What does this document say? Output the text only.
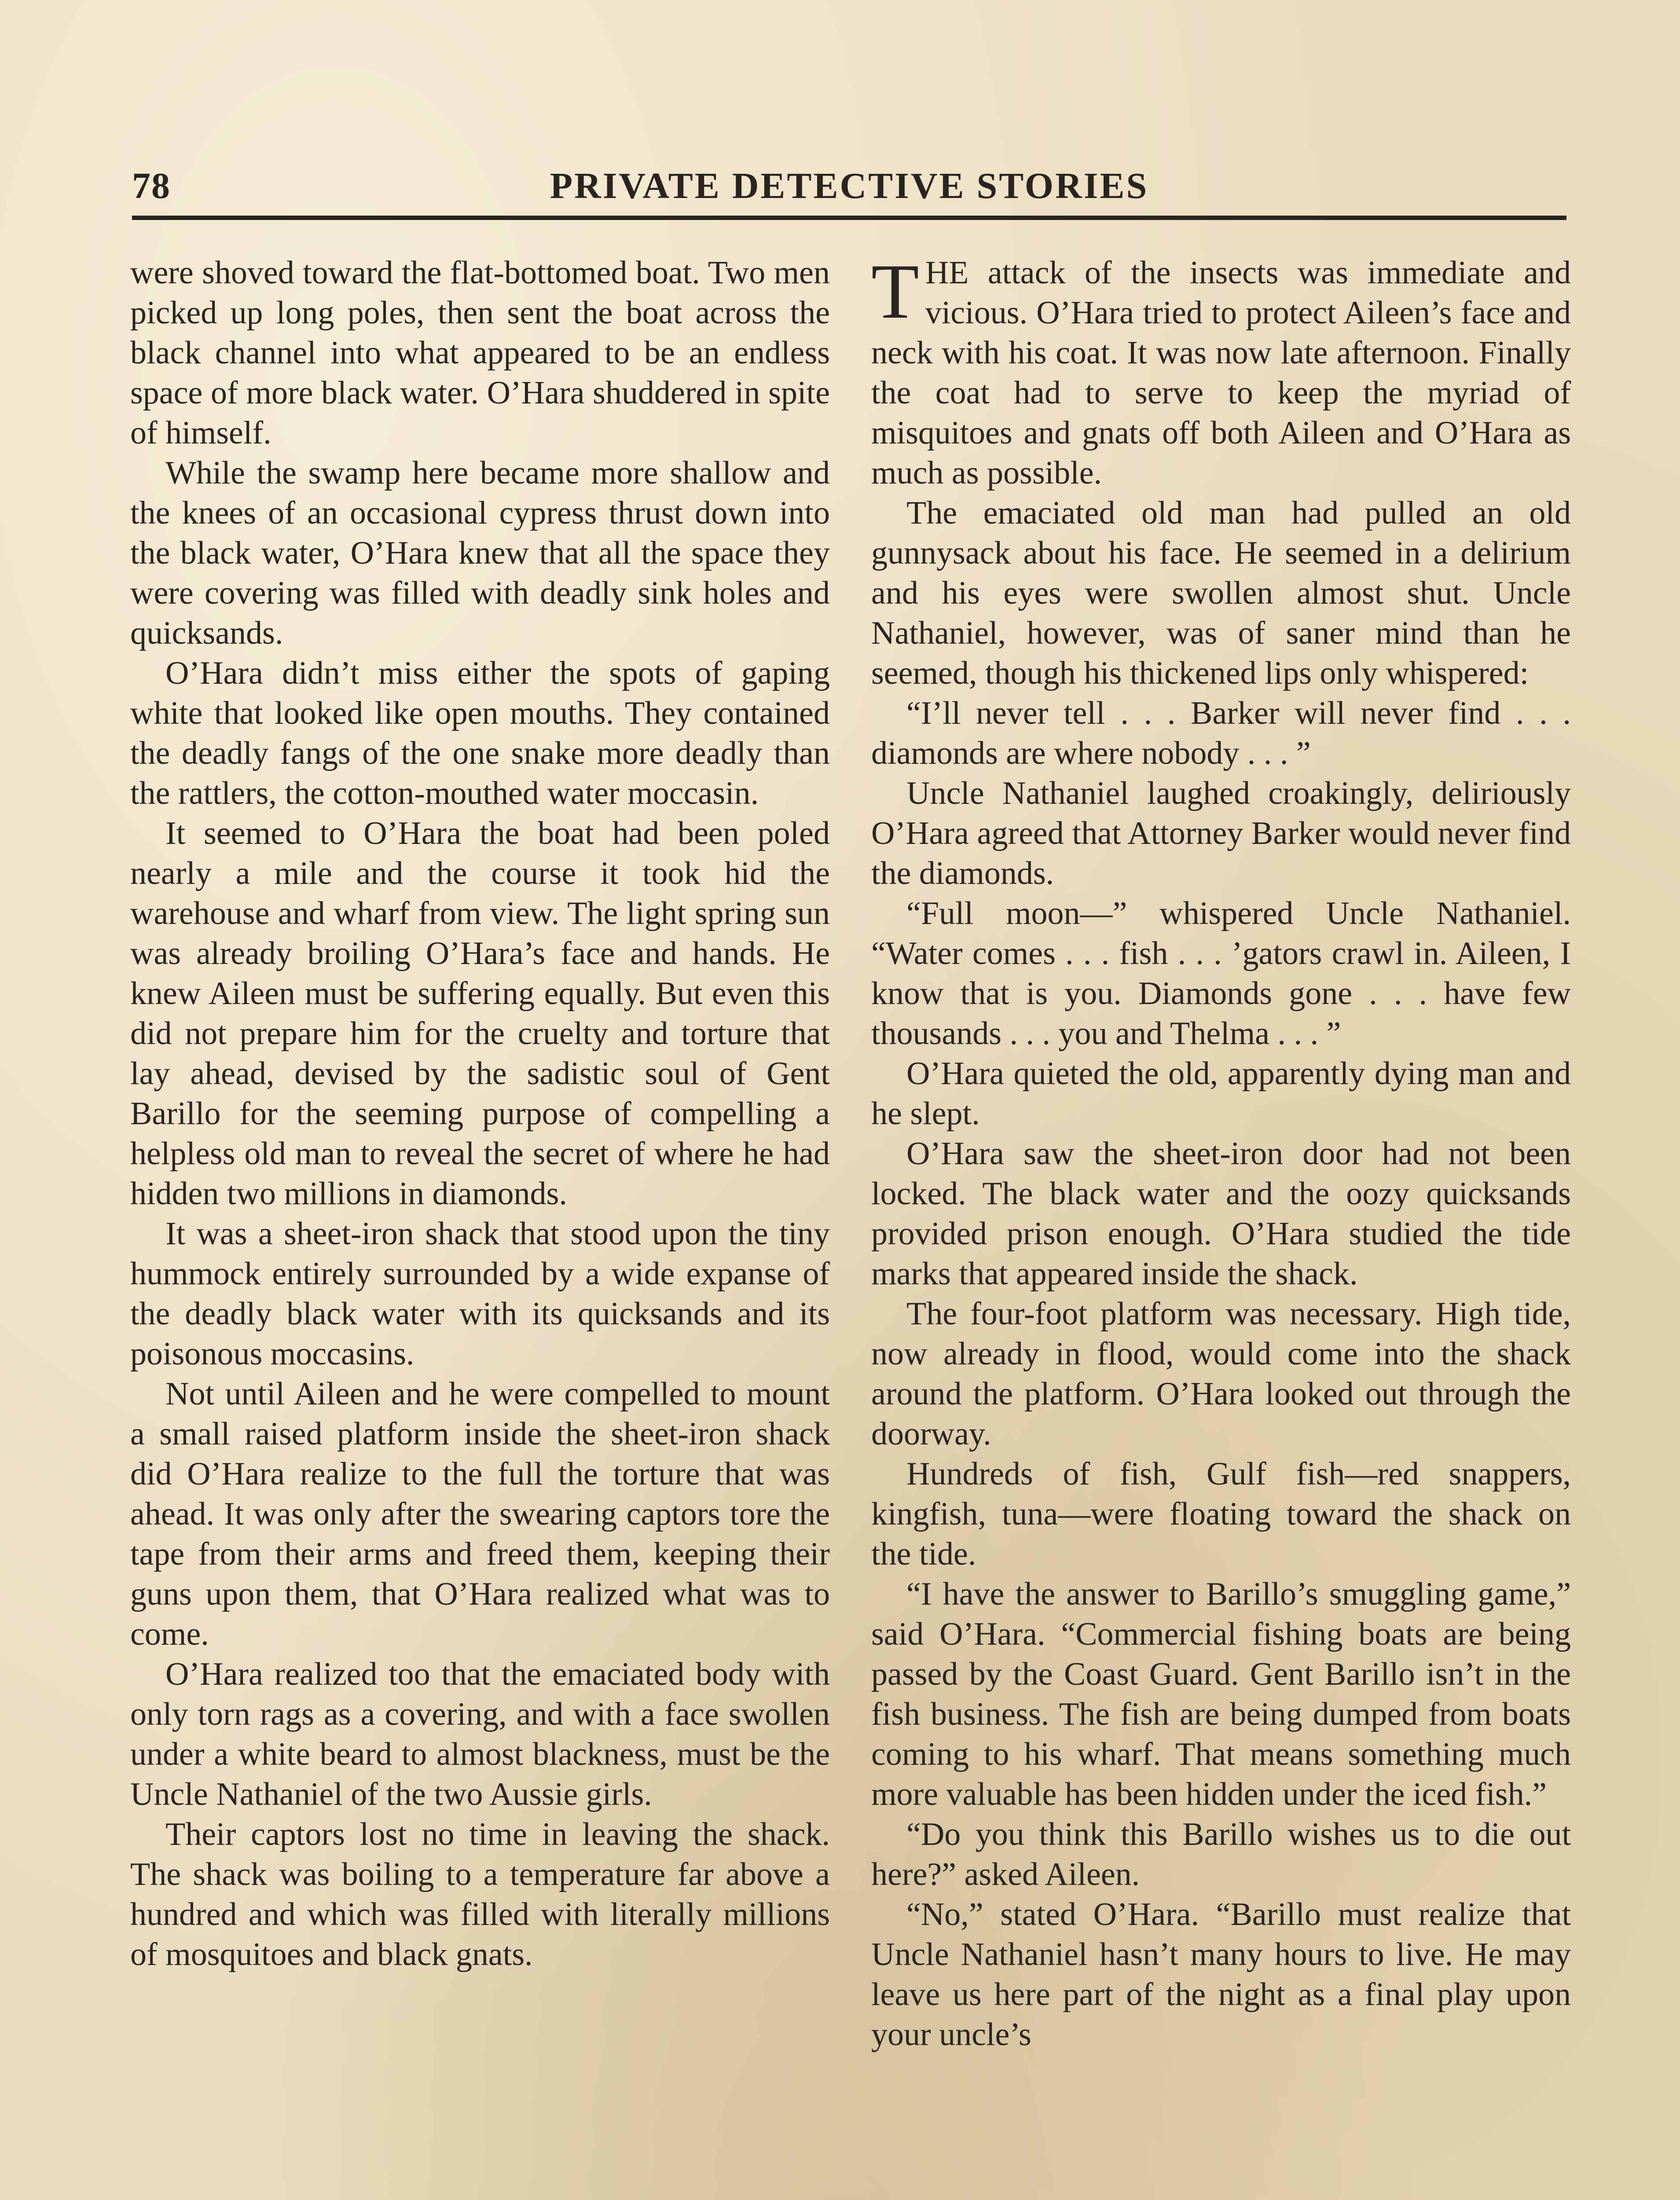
78	PRIVATE DETECTIVE STORIES

were shoved toward the flat-bottomed boat. Two men picked up long poles, then sent the boat across the black channel into what appeared to be an endless space of more black water. O’Hara shuddered in spite of himself.

While the swamp here became more shallow and the knees of an occasional cypress thrust down into the black water, O’Hara knew that all the space they were covering was filled with deadly sink holes and quicksands.

O’Hara didn’t miss either the spots of gaping white that looked like open mouths. They contained the deadly fangs of the one snake more deadly than the rattlers, the cotton-mouthed water moccasin.

It seemed to O’Hara the boat had been poled nearly a mile and the course it took hid the warehouse and wharf from view. The light spring sun was already broiling O’Hara’s face and hands. He knew Aileen must be suffering equally. But even this did not prepare him for the cruelty and torture that lay ahead, devised by the sadistic soul of Gent Barillo for the seeming purpose of compelling a helpless old man to reveal the secret of where he had hidden two millions in diamonds.

It was a sheet-iron shack that stood upon the tiny hummock entirely surrounded by a wide expanse of the deadly black water with its quicksands and its poisonous moccasins.

Not until Aileen and he were compelled to mount a small raised platform inside the sheet-iron shack did O’Hara realize to the full the torture that was ahead. It was only after the swearing captors tore the tape from their arms and freed them, keeping their guns upon them, that O’Hara realized what was to come.

O’Hara realized too that the emaciated body with only torn rags as a covering, and with a face swollen under a white beard to almost blackness, must be the Uncle Nathaniel of the two Aussie girls.

Their captors lost no time in leaving the shack. The shack was boiling to a temperature far above a hundred and which was filled with literally millions of mosquitoes and black gnats.

THE attack of the insects was immediate and vicious. O’Hara tried to protect Aileen’s face and neck with his coat. It was now late afternoon. Finally the coat had to serve to keep the myriad of misquitoes and gnats off both Aileen and O’Hara as much as possible.

The emaciated old man had pulled an old gunnysack about his face. He seemed in a delirium and his eyes were swollen almost shut. Uncle Nathaniel, however, was of saner mind than he seemed, though his thickened lips only whispered:

“I’ll never tell . . . Barker will never find . . . diamonds are where nobody . . . ”

Uncle Nathaniel laughed croakingly, deliriously O’Hara agreed that Attorney Barker would never find the diamonds.

“Full moon—” whispered Uncle Nathaniel. “Water comes . . . fish . . . ’gators crawl in. Aileen, I know that is you. Diamonds gone . . . have few thousands . . . you and Thelma . . . ”

O’Hara quieted the old, apparently dying man and he slept.

O’Hara saw the sheet-iron door had not been locked. The black water and the oozy quicksands provided prison enough. O’Hara studied the tide marks that appeared inside the shack.

The four-foot platform was necessary. High tide, now already in flood, would come into the shack around the platform. O’Hara looked out through the doorway.

Hundreds of fish, Gulf fish—red snappers, kingfish, tuna—were floating toward the shack on the tide.

“I have the answer to Barillo’s smuggling game,” said O’Hara. “Commercial fishing boats are being passed by the Coast Guard. Gent Barillo isn’t in the fish business. The fish are being dumped from boats coming to his wharf. That means something much more valuable has been hidden under the iced fish.”

“Do you think this Barillo wishes us to die out here?” asked Aileen.

“No,” stated O’Hara. “Barillo must realize that Uncle Nathaniel hasn’t many hours to live. He may leave us here part of the night as a final play upon your uncle’s
